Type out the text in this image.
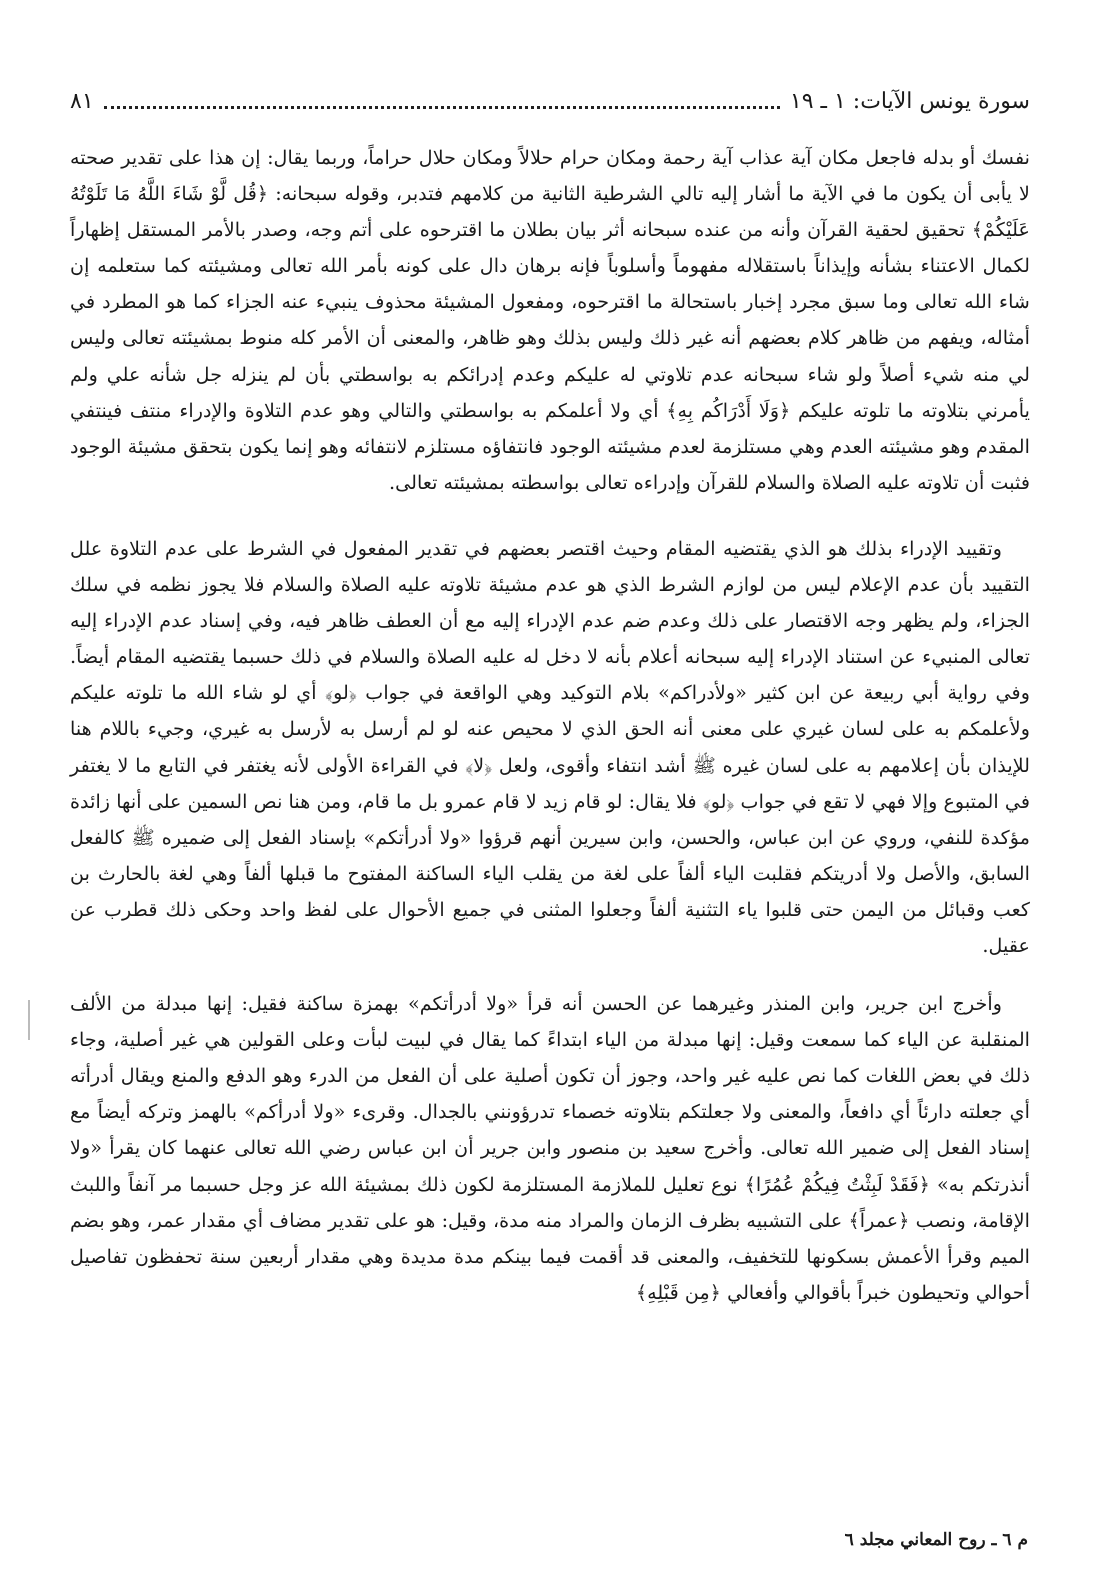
سورة يونس الآيات: ١ ـ ١٩
٨١

نفسك أو بدله فاجعل مكان آية عذاب آية رحمة ومكان حرام حلالاً ومكان حلال حراماً، وربما يقال: إن هذا على تقدير صحته لا يأبى أن يكون ما في الآية ما أشار إليه تالي الشرطية الثانية من كلامهم فتدبر، وقوله سبحانه: ﴿قُل لَّوْ شَاءَ اللَّهُ مَا تَلَوْتُهُ عَلَيْكُمْ﴾ تحقيق لحقية القرآن وأنه من عنده سبحانه أثر بيان بطلان ما اقترحوه على أتم وجه، وصدر بالأمر المستقل إظهاراً لكمال الاعتناء بشأنه وإيذاناً باستقلاله مفهوماً وأسلوباً فإنه برهان دال على كونه بأمر الله تعالى ومشيئته كما ستعلمه إن شاء الله تعالى وما سبق مجرد إخبار باستحالة ما اقترحوه، ومفعول المشيئة محذوف ينبيء عنه الجزاء كما هو المطرد في أمثاله، ويفهم من ظاهر كلام بعضهم أنه غير ذلك وليس بذلك وهو ظاهر، والمعنى أن الأمر كله منوط بمشيئته تعالى وليس لي منه شيء أصلاً ولو شاء سبحانه عدم تلاوتي له عليكم وعدم إدرائكم به بواسطتي بأن لم ينزله جل شأنه علي ولم يأمرني بتلاوته ما تلوته عليكم ﴿وَلَا أَدْرَاكُم بِهِ﴾ أي ولا أعلمكم به بواسطتي والتالي وهو عدم التلاوة والإدراء منتف فينتفي المقدم وهو مشيئته العدم وهي مستلزمة لعدم مشيئته الوجود فانتفاؤه مستلزم لانتفائه وهو إنما يكون بتحقق مشيئة الوجود فثبت أن تلاوته عليه الصلاة والسلام للقرآن وإدراءه تعالى بواسطته بمشيئته تعالى.

وتقييد الإدراء بذلك هو الذي يقتضيه المقام وحيث اقتصر بعضهم في تقدير المفعول في الشرط على عدم التلاوة علل التقييد بأن عدم الإعلام ليس من لوازم الشرط الذي هو عدم مشيئة تلاوته عليه الصلاة والسلام فلا يجوز نظمه في سلك الجزاء، ولم يظهر وجه الاقتصار على ذلك وعدم ضم عدم الإدراء إليه مع أن العطف ظاهر فيه، وفي إسناد عدم الإدراء إليه تعالى المنبيء عن استناد الإدراء إليه سبحانه أعلام بأنه لا دخل له عليه الصلاة والسلام في ذلك حسبما يقتضيه المقام أيضاً. وفي رواية أبي ربيعة عن ابن كثير «ولأدراكم» بلام التوكيد وهي الواقعة في جواب ﴿لو﴾ أي لو شاء الله ما تلوته عليكم ولأعلمكم به على لسان غيري على معنى أنه الحق الذي لا محيص عنه لو لم أرسل به لأرسل به غيري، وجيء باللام هنا للإيذان بأن إعلامهم به على لسان غيره ﷺ أشد انتفاء وأقوى، ولعل ﴿لا﴾ في القراءة الأولى لأنه يغتفر في التابع ما لا يغتفر في المتبوع وإلا فهي لا تقع في جواب ﴿لو﴾ فلا يقال: لو قام زيد لا قام عمرو بل ما قام، ومن هنا نص السمين على أنها زائدة مؤكدة للنفي، وروي عن ابن عباس، والحسن، وابن سيرين أنهم قرؤوا «ولا أدرأتكم» بإسناد الفعل إلى ضميره ﷺ كالفعل السابق، والأصل ولا أدريتكم فقلبت الياء ألفاً على لغة من يقلب الياء الساكنة المفتوح ما قبلها ألفاً وهي لغة بالحارث بن كعب وقبائل من اليمن حتى قلبوا ياء التثنية ألفاً وجعلوا المثنى في جميع الأحوال على لفظ واحد وحكى ذلك قطرب عن عقيل.

وأخرج ابن جرير، وابن المنذر وغيرهما عن الحسن أنه قرأ «ولا أدرأتكم» بهمزة ساكنة فقيل: إنها مبدلة من الألف المنقلبة عن الياء كما سمعت وقيل: إنها مبدلة من الياء ابتداءً كما يقال في لبيت لبأت وعلى القولين هي غير أصلية، وجاء ذلك في بعض اللغات كما نص عليه غير واحد، وجوز أن تكون أصلية على أن الفعل من الدرء وهو الدفع والمنع ويقال أدرأته أي جعلته دارئاً أي دافعاً، والمعنى ولا جعلتكم بتلاوته خصماء تدرؤونني بالجدال. وقرىء «ولا أدرأكم» بالهمز وتركه أيضاً مع إسناد الفعل إلى ضمير الله تعالى. وأخرج سعيد بن منصور وابن جرير أن ابن عباس رضي الله تعالى عنهما كان يقرأ «ولا أنذرتكم به» ﴿فَقَدْ لَبِثْتُ فِيكُمْ عُمُرًا﴾ نوع تعليل للملازمة المستلزمة لكون ذلك بمشيئة الله عز وجل حسبما مر آنفاً واللبث الإقامة، ونصب ﴿عمراً﴾ على التشبيه بظرف الزمان والمراد منه مدة، وقيل: هو على تقدير مضاف أي مقدار عمر، وهو بضم الميم وقرأ الأعمش بسكونها للتخفيف، والمعنى قد أقمت فيما بينكم مدة مديدة وهي مقدار أربعين سنة تحفظون تفاصيل أحوالي وتحيطون خبراً بأقوالي وأفعالي ﴿مِن قَبْلِهِ﴾

م ٦ ـ روح المعاني مجلد ٦
